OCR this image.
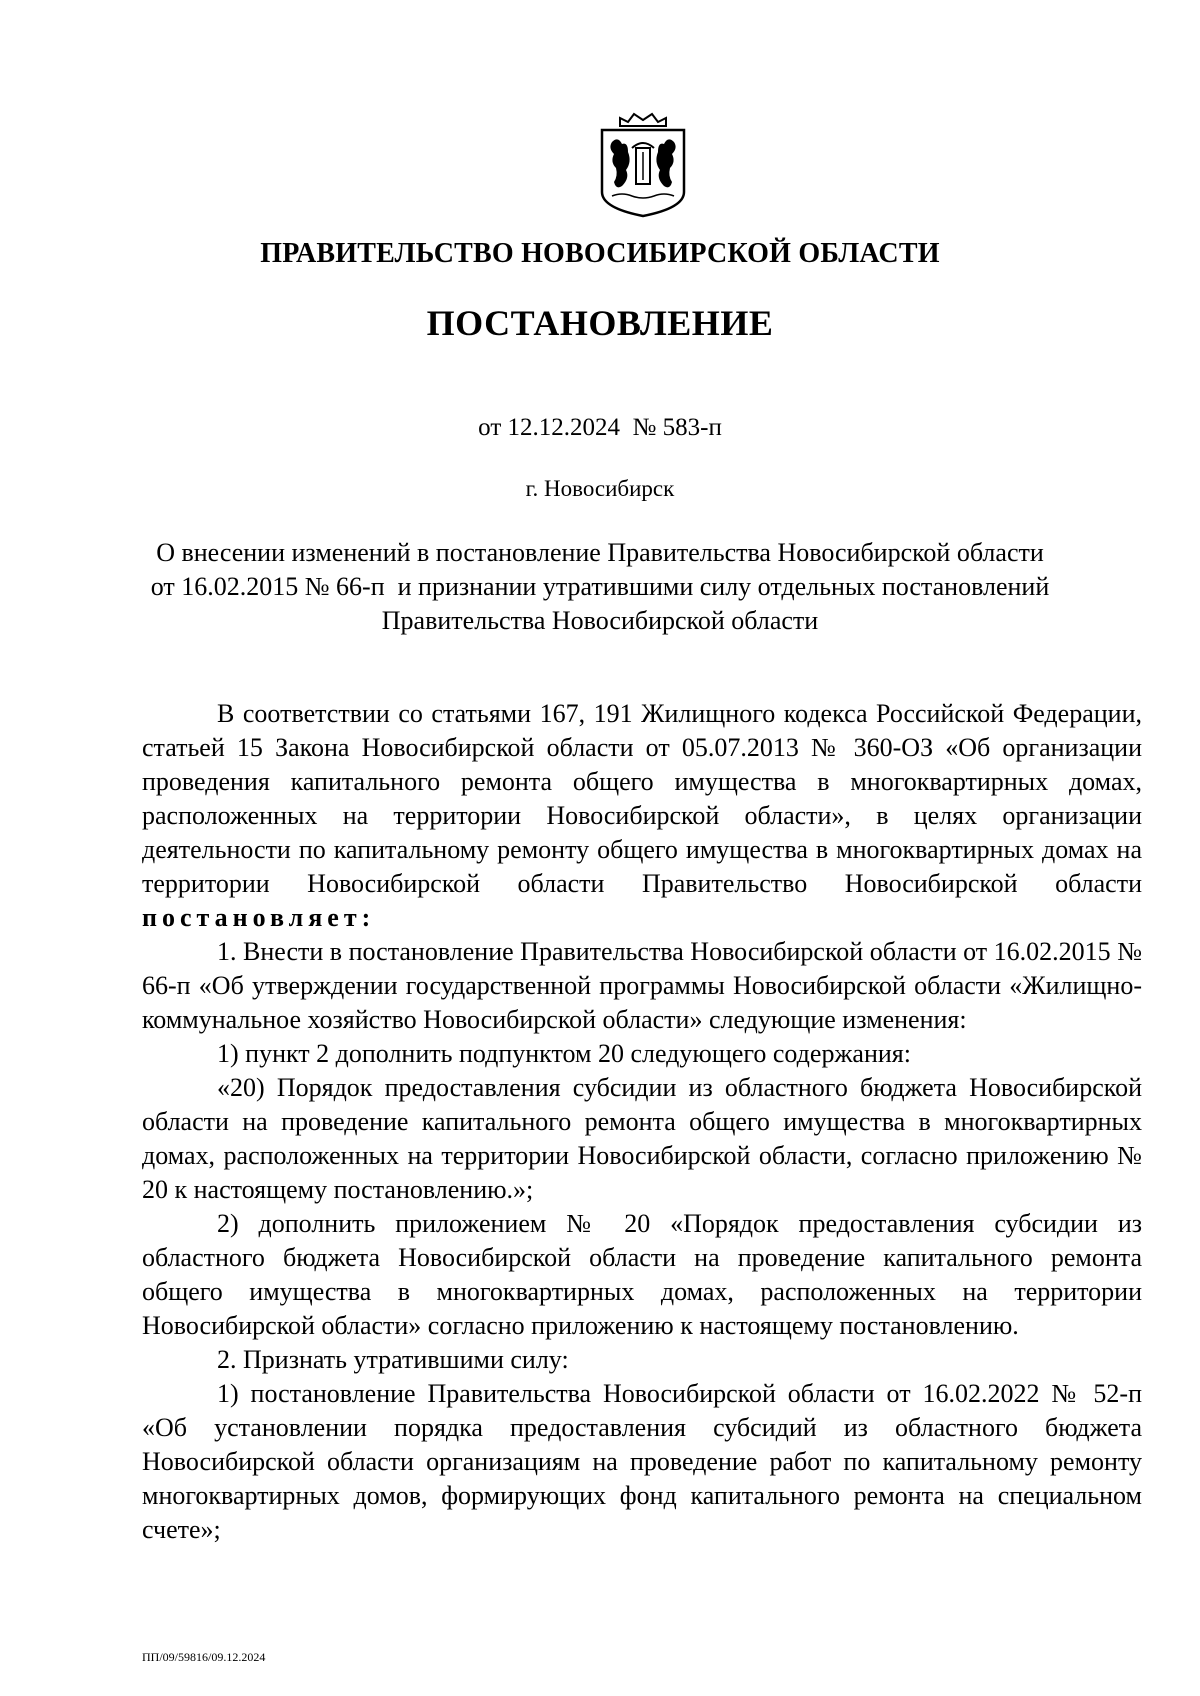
ПРАВИТЕЛЬСТВО НОВОСИБИРСКОЙ ОБЛАСТИ
ПОСТАНОВЛЕНИЕ
от 12.12.2024  № 583-п
г. Новосибирск
О внесении изменений в постановление Правительства Новосибирской области
от 16.02.2015 № 66-п  и признании утратившими силу отдельных постановлений
Правительства Новосибирской области

В соответствии со статьями 167, 191 Жилищного кодекса Российской Федерации, статьей 15 Закона Новосибирской области от 05.07.2013 № 360-ОЗ «Об организации проведения капитального ремонта общего имущества в многоквартирных домах, расположенных на территории Новосибирской области», в целях организации деятельности по капитальному ремонту общего имущества в многоквартирных домах на территории Новосибирской области Правительство Новосибирской области постановляет:

1. Внести в постановление Правительства Новосибирской области от 16.02.2015 № 66-п «Об утверждении государственной программы Новосибирской области «Жилищно-коммунальное хозяйство Новосибирской области» следующие изменения:

1) пункт 2 дополнить подпунктом 20 следующего содержания:

«20) Порядок предоставления субсидии из областного бюджета Новосибирской области на проведение капитального ремонта общего имущества в многоквартирных домах, расположенных на территории Новосибирской области, согласно приложению № 20 к настоящему постановлению.»;

2) дополнить приложением № 20 «Порядок предоставления субсидии из областного бюджета Новосибирской области на проведение капитального ремонта общего имущества в многоквартирных домах, расположенных на территории Новосибирской области» согласно приложению к настоящему постановлению.

2. Признать утратившими силу:

1) постановление Правительства Новосибирской области от 16.02.2022 № 52-п «Об установлении порядка предоставления субсидий из областного бюджета Новосибирской области организациям на проведение работ по капитальному ремонту многоквартирных домов, формирующих фонд капитального ремонта на специальном счете»;

ПП/09/59816/09.12.2024
